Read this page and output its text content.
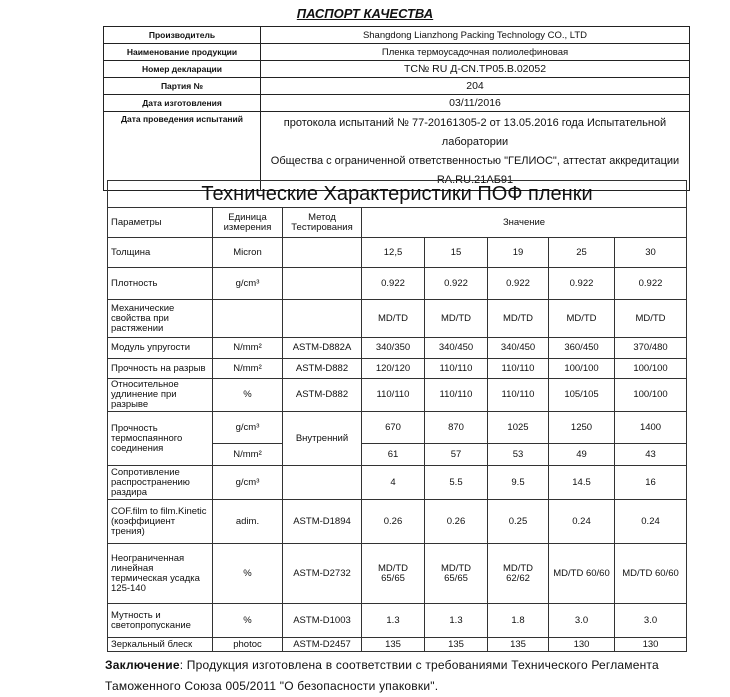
ПАСПОРТ КАЧЕСТВА
Производитель	Shangdong Lianzhong Packing Technology CO., LTD
Наименование продукции	Пленка термоусадочная полиолефиновая
Номер декларации	ТС№ RU Д-CN.ТР05.В.02052
Партия №	204
Дата изготовления	03/11/2016
Дата проведения испытаний	протокола испытаний № 77-20161305-2 от 13.05.2016 года Испытательной лаборатории
Общества с ограниченной ответственностью "ГЕЛИОС", аттестат аккредитации
RA.RU.21АБ91
Технические Характеристики ПОФ пленки							
Параметры	Единица измерения	Метод Тестирования	Значение				
Толщина	Micron		12,5	15	19	25	30
Плотность	g/cm³		0.922	0.922	0.922	0.922	0.922
Механические свойства при растяжении			MD/TD	MD/TD	MD/TD	MD/TD	MD/TD
Модуль упругости	N/mm²	ASTM-D882A	340/350	340/450	340/450	360/450	370/480
Прочность на разрыв	N/mm²	ASTM-D882	120/120	110/110	110/110	100/100	100/100
Относительное удлинение при разрыве	%	ASTM-D882	110/110	110/110	110/110	105/105	100/100
Прочность термоспаянного соединения	g/cm³	Внутренний	670	870	1025	1250	1400
	N/mm²		61	57	53	49	43
Сопротивление распространению раздира	g/cm³		4	5.5	9.5	14.5	16
COF.film to film.Kinetic (коэффициент трения)	adim.	ASTM-D1894	0.26	0.26	0.25	0.24	0.24
Неограниченная линейная термическая усадка 125-140	%	ASTM-D2732	MD/TD 65/65	MD/TD 65/65	MD/TD 62/62	MD/TD 60/60	MD/TD 60/60
Мутность и светопропускание	%	ASTM-D1003	1.3	1.3	1.8	3.0	3.0
Зеркальный блеск	photoc	ASTM-D2457	135	135	135	130	130
Заключение: Продукция изготовлена в соответствии с требованиями Технического Регламента
Таможенного Союза 005/2011 "О безопасности упаковки".
